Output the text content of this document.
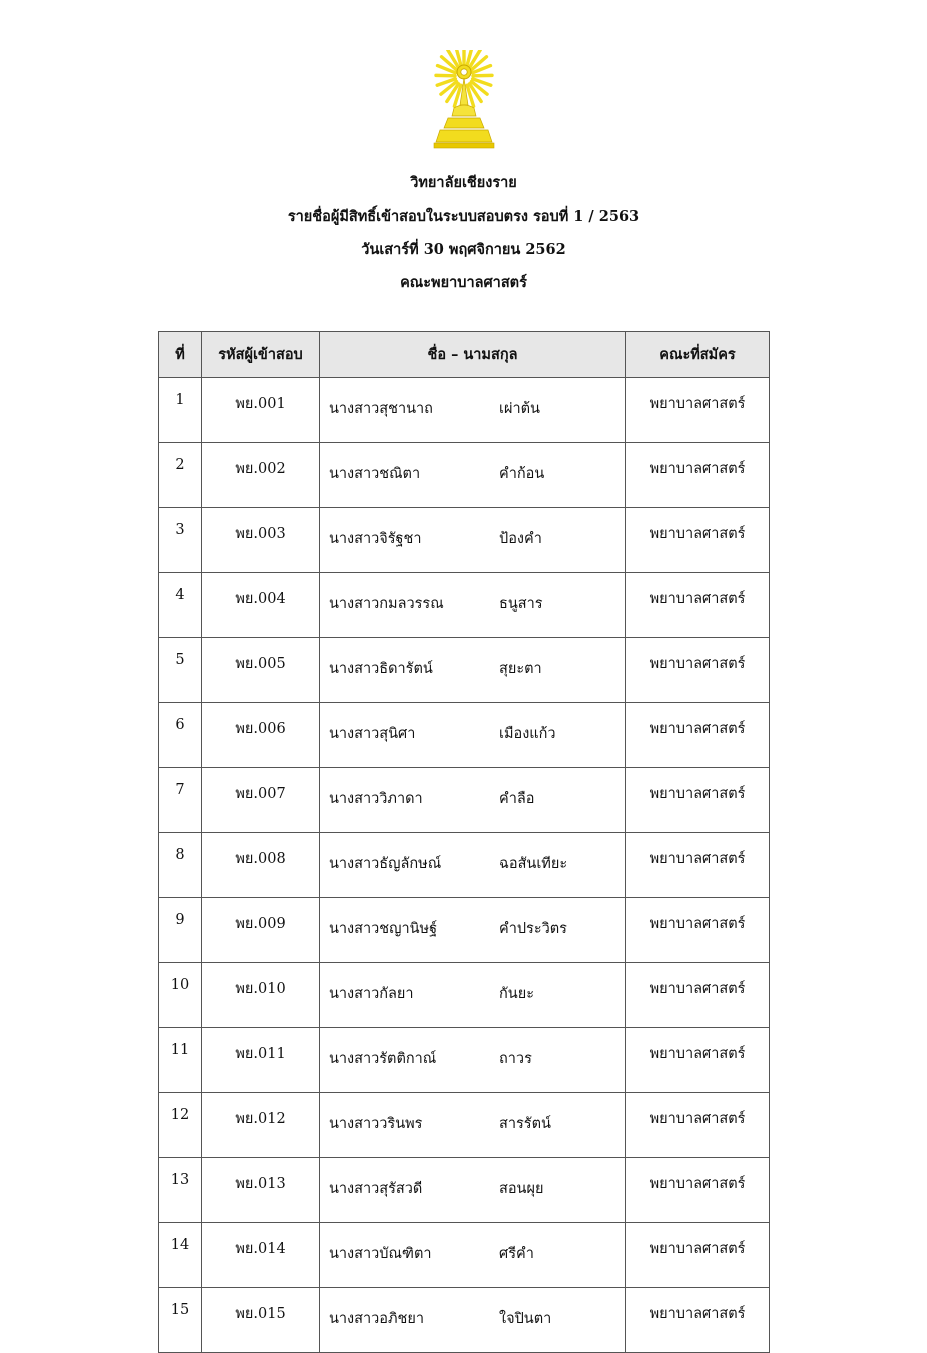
วิทยาลัยเชียงราย
รายชื่อผู้มีสิทธิ์เข้าสอบในระบบสอบตรง รอบที่ 1 / 2563
วันเสาร์ที่ 30 พฤศจิกายน 2562
คณะพยาบาลศาสตร์
ที่	รหัสผู้เข้าสอบ	ชื่อ – นามสกุล	คณะที่สมัคร
1	พย.001	นางสาวสุชานาถ เผ่าต้น	พยาบาลศาสตร์
2	พย.002	นางสาวชณิตา คำก้อน	พยาบาลศาสตร์
3	พย.003	นางสาวจิรัฐชา ป้องคำ	พยาบาลศาสตร์
4	พย.004	นางสาวกมลวรรณ ธนูสาร	พยาบาลศาสตร์
5	พย.005	นางสาวธิดารัตน์ สุยะตา	พยาบาลศาสตร์
6	พย.006	นางสาวสุนิศา เมืองแก้ว	พยาบาลศาสตร์
7	พย.007	นางสาววิภาดา คำลือ	พยาบาลศาสตร์
8	พย.008	นางสาวธัญลักษณ์ ฉอสันเทียะ	พยาบาลศาสตร์
9	พย.009	นางสาวชญานิษฐ์ คำประวิตร	พยาบาลศาสตร์
10	พย.010	นางสาวกัลยา กันยะ	พยาบาลศาสตร์
11	พย.011	นางสาวรัตติกาณ์ ถาวร	พยาบาลศาสตร์
12	พย.012	นางสาววรินพร สารรัตน์	พยาบาลศาสตร์
13	พย.013	นางสาวสุรัสวดี สอนผุย	พยาบาลศาสตร์
14	พย.014	นางสาวบัณฑิตา ศรีคำ	พยาบาลศาสตร์
15	พย.015	นางสาวอภิชยา ใจปินตา	พยาบาลศาสตร์
